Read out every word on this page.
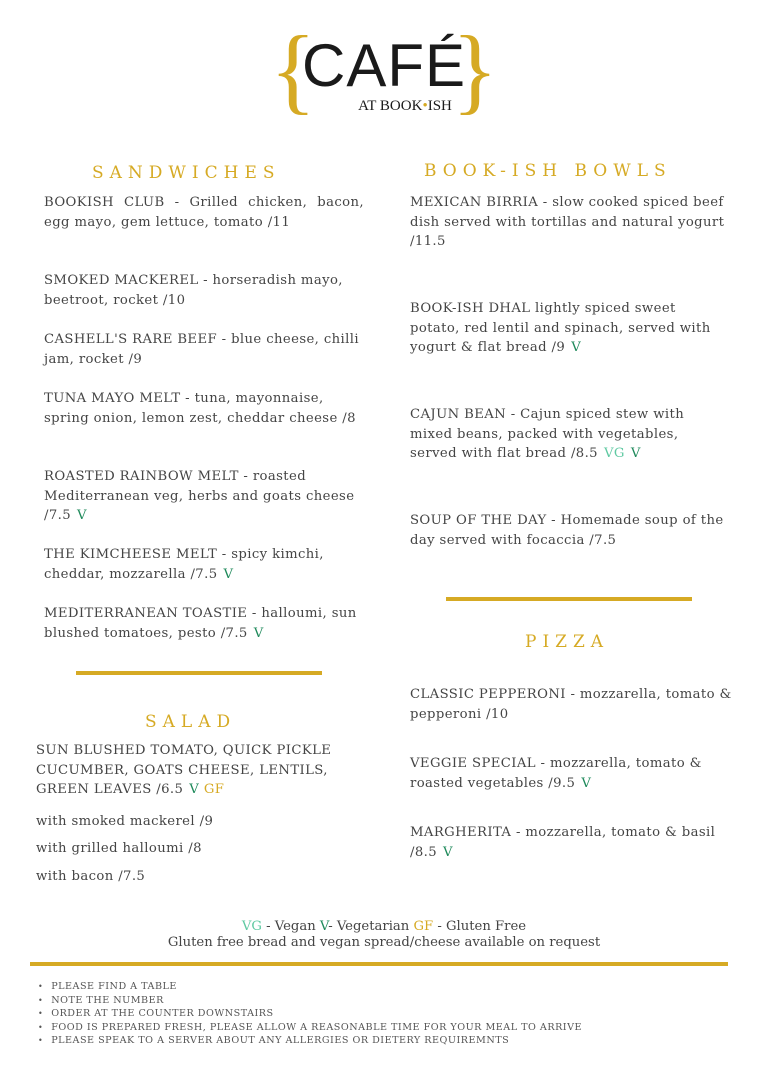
{
CAFÉ
AT BOOK•ISH }
SANDWICHES
BOOKISH CLUB - Grilled chicken, bacon, egg mayo, gem lettuce, tomato /11
SMOKED MACKEREL - horseradish mayo, beetroot, rocket /10
CASHELL'S RARE BEEF - blue cheese, chilli jam, rocket /9
TUNA MAYO MELT - tuna, mayonnaise, spring onion, lemon zest, cheddar cheese /8
ROASTED RAINBOW MELT - roasted Mediterranean veg, herbs and goats cheese /7.5 V
THE KIMCHEESE MELT - spicy kimchi, cheddar, mozzarella /7.5 V
MEDITERRANEAN TOASTIE - halloumi, sun blushed tomatoes, pesto /7.5 V
SALAD
SUN BLUSHED TOMATO, QUICK PICKLE CUCUMBER, GOATS CHEESE, LENTILS, GREEN LEAVES /6.5 V GF
with smoked mackerel /9
with grilled halloumi /8
with bacon /7.5
BOOK-ISH BOWLS
MEXICAN BIRRIA - slow cooked spiced beef dish served with tortillas and natural yogurt /11.5
BOOK-ISH DHAL lightly spiced sweet potato, red lentil and spinach, served with yogurt & flat bread /9 V
CAJUN BEAN - Cajun spiced stew with mixed beans, packed with vegetables, served with flat bread /8.5 VG V
SOUP OF THE DAY - Homemade soup of the day served with focaccia /7.5
PIZZA
CLASSIC PEPPERONI - mozzarella, tomato & pepperoni /10
VEGGIE SPECIAL - mozzarella, tomato & roasted vegetables /9.5 V
MARGHERITA - mozzarella, tomato & basil /8.5 V
VG - Vegan V- Vegetarian GF - Gluten Free
Gluten free bread and vegan spread/cheese available on request
• PLEASE FIND A TABLE
• NOTE THE NUMBER
• ORDER AT THE COUNTER DOWNSTAIRS
• FOOD IS PREPARED FRESH, PLEASE ALLOW A REASONABLE TIME FOR YOUR MEAL TO ARRIVE
• PLEASE SPEAK TO A SERVER ABOUT ANY ALLERGIES OR DIETERY REQUIREMNTS
